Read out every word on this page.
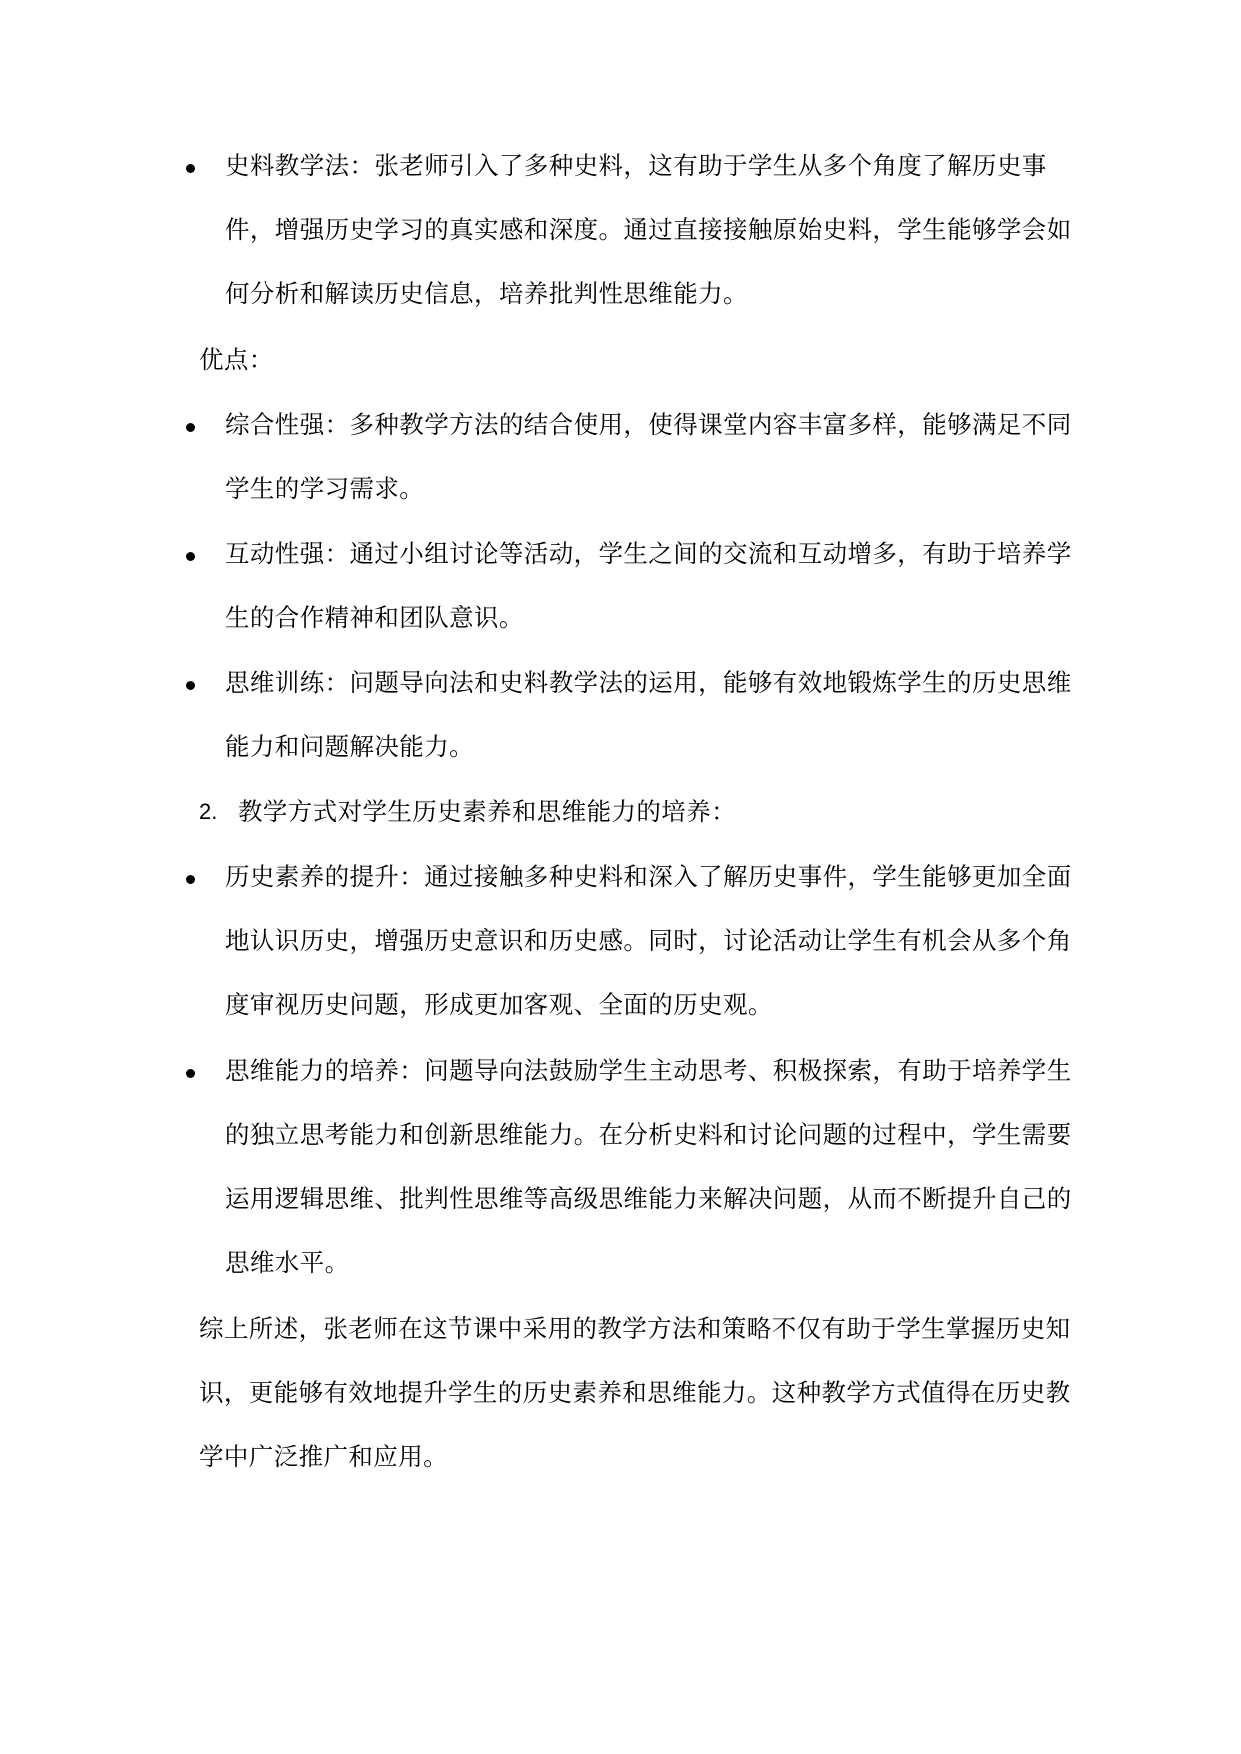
史料教学法：张老师引入了多种史料，这有助于学生从多个角度了解历史事件，增强历史学习的真实感和深度。通过直接接触原始史料，学生能够学会如何分析和解读历史信息，培养批判性思维能力。
优点：
综合性强：多种教学方法的结合使用，使得课堂内容丰富多样，能够满足不同学生的学习需求。
互动性强：通过小组讨论等活动，学生之间的交流和互动增多，有助于培养学生的合作精神和团队意识。
思维训练：问题导向法和史料教学法的运用，能够有效地锻炼学生的历史思维能力和问题解决能力。
2. 教学方式对学生历史素养和思维能力的培养：
历史素养的提升：通过接触多种史料和深入了解历史事件，学生能够更加全面地认识历史，增强历史意识和历史感。同时，讨论活动让学生有机会从多个角度审视历史问题，形成更加客观、全面的历史观。
思维能力的培养：问题导向法鼓励学生主动思考、积极探索，有助于培养学生的独立思考能力和创新思维能力。在分析史料和讨论问题的过程中，学生需要运用逻辑思维、批判性思维等高级思维能力来解决问题，从而不断提升自己的思维水平。
综上所述，张老师在这节课中采用的教学方法和策略不仅有助于学生掌握历史知识，更能够有效地提升学生的历史素养和思维能力。这种教学方式值得在历史教学中广泛推广和应用。
